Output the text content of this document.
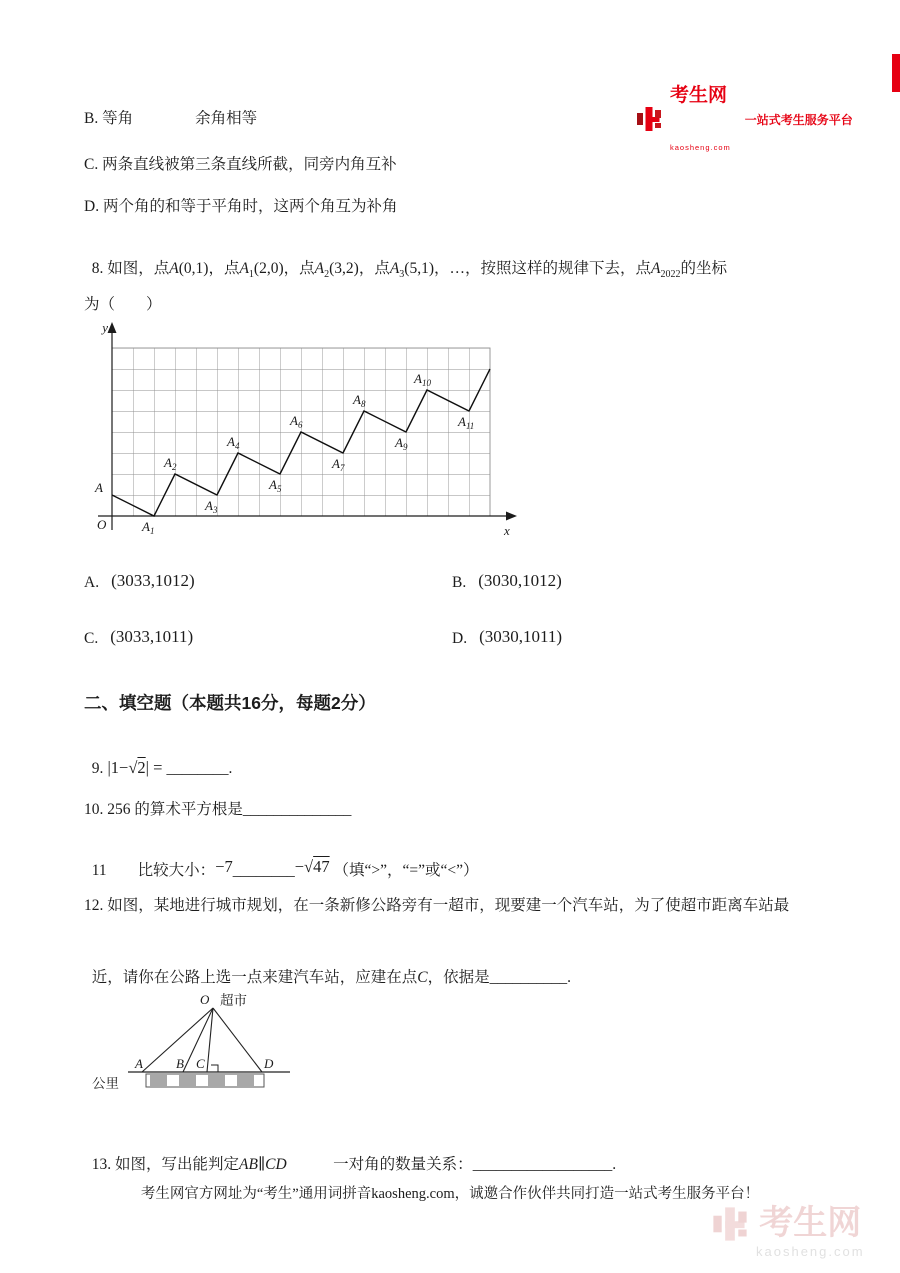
考生网

kaosheng.com

一站式考生服务平台
B. 等角　　　　余角相等
C. 两条直线被第三条直线所截，同旁内角互补
D. 两个角的和等于平角时，这两个角互为补角

8. 如图，点A(0,1)，点$A_1(2,0)$，点$A_2(3,2)$，点$A_3(5,1)$，…，按照这样的规律下去，点$A_{2022}$的坐标

为（　　）
y
x
O
A
$A_1$
$A_2$
$A_3$
$A_4$
$A_5$
$A_6$
$A_7$
$A_8$
$A_9$
$A_{10}$
$A_{11}$
A. (3033,1012)	B. (3030,1012)
C. (3033,1011)	D. (3030,1011)
二、填空题（本题共16分，每题2分）

9. |1−√2| = ________.

10. 256 的算术平方根是______________

11　　比较大小：−7________−√47 （填“>”，“=”或“<”）

12. 如图，某地进行城市规划，在一条新修公路旁有一超市，现要建一个汽车站，为了使超市距离车站最

近，请你在公路上选一点来建汽车站，应建在点C，依据是__________.

O 超市
A	B C	D
公里

13. 如图，写出能判定AB∥CD　　　	一对角的数量关系：__________________.

考生网官方网址为“考生”通用词拼音kaosheng.com，诚邀合作伙伴共同打造一站式考生服务平台！
考生网
kaosheng.com
